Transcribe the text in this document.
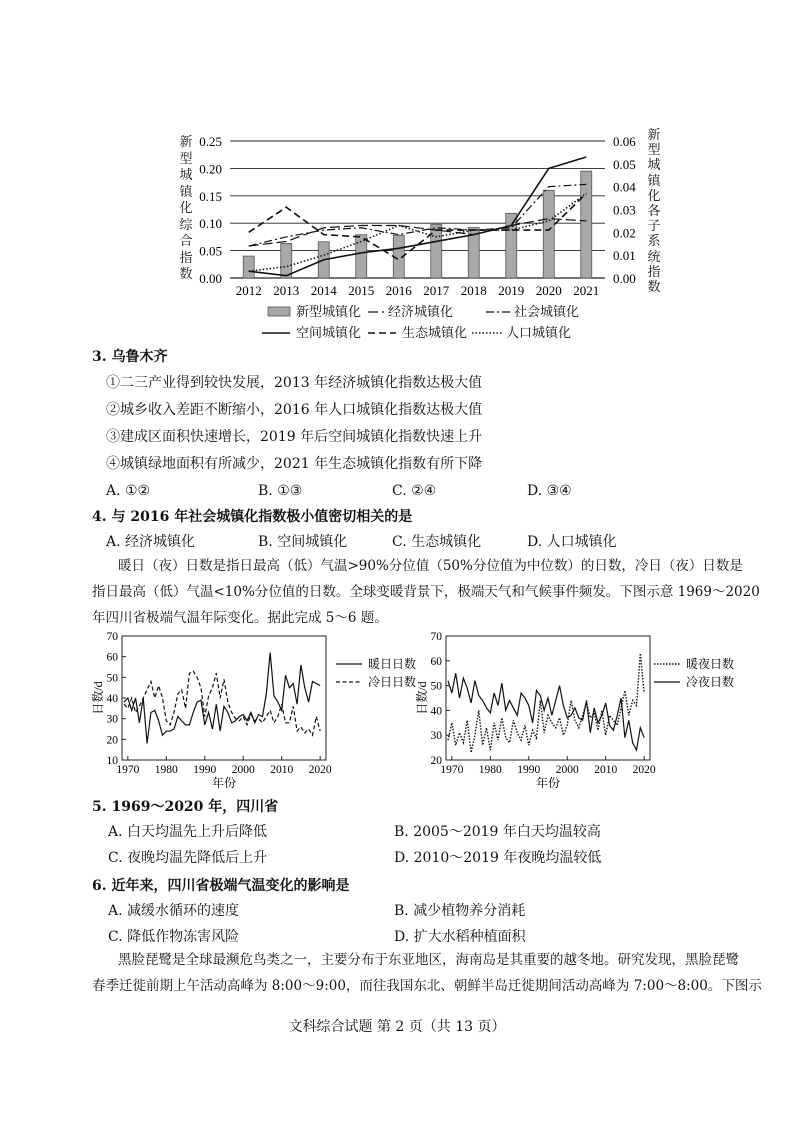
0.00
0.05
0.10
0.15
0.20
0.25
0.00
0.01
0.02
0.03
0.04
0.05
0.06
2012 2013 2014 2015 2016 2017 2018 2019 2020 2021
新
型
城
镇
化
综
合
指
数
新
型
城
镇
化
各
子
系
统
指
数
新型城镇化 经济城镇化	社会城镇化
空间城镇化	生态城镇化	人口城镇化
3. 乌鲁木齐
①二三产业得到较快发展，2013 年经济城镇化指数达极大值
②城乡收入差距不断缩小，2016 年人口城镇化指数达极大值
③建成区面积快速增长，2019 年后空间城镇化指数快速上升
④城镇绿地面积有所减少，2021 年生态城镇化指数有所下降
A. ①②	B. ①③	C. ②④	D. ③④
4. 与 2016 年社会城镇化指数极小值密切相关的是
A. 经济城镇化	B. 空间城镇化	C. 生态城镇化	D. 人口城镇化
暖日（夜）日数是指日最高（低）气温>90%分位值（50%分位值为中位数）的日数，冷日（夜）日数是
指日最高（低）气温<10%分位值的日数。全球变暖背景下，极端天气和气候事件频发。下图示意 1969～2020
年四川省极端气温年际变化。据此完成 5～6 题。
10
20
30
40
50
60
70
1970 1980 1990 2000 2010 2020
年份
日数/d
暖日日数
冷日日数
20
30
40
50
60
70
1970 1980 1990 2000 2010 2020
年份
日数/d
暖夜日数
冷夜日数
5. 1969～2020 年，四川省
A. 白天均温先上升后降低	B. 2005～2019 年白天均温较高
C. 夜晚均温先降低后上升	D. 2010～2019 年夜晚均温较低
6. 近年来，四川省极端气温变化的影响是
A. 减缓水循环的速度	B. 减少植物养分消耗
C. 降低作物冻害风险	D. 扩大水稻种植面积
黑脸琵鹭是全球最濒危鸟类之一，主要分布于东亚地区，海南岛是其重要的越冬地。研究发现，黑脸琵鹭
春季迁徙前期上午活动高峰为 8:00～9:00，而往我国东北、朝鲜半岛迁徙期间活动高峰为 7:00～8:00。下图示
文科综合试题 第 2 页（共 13 页）
